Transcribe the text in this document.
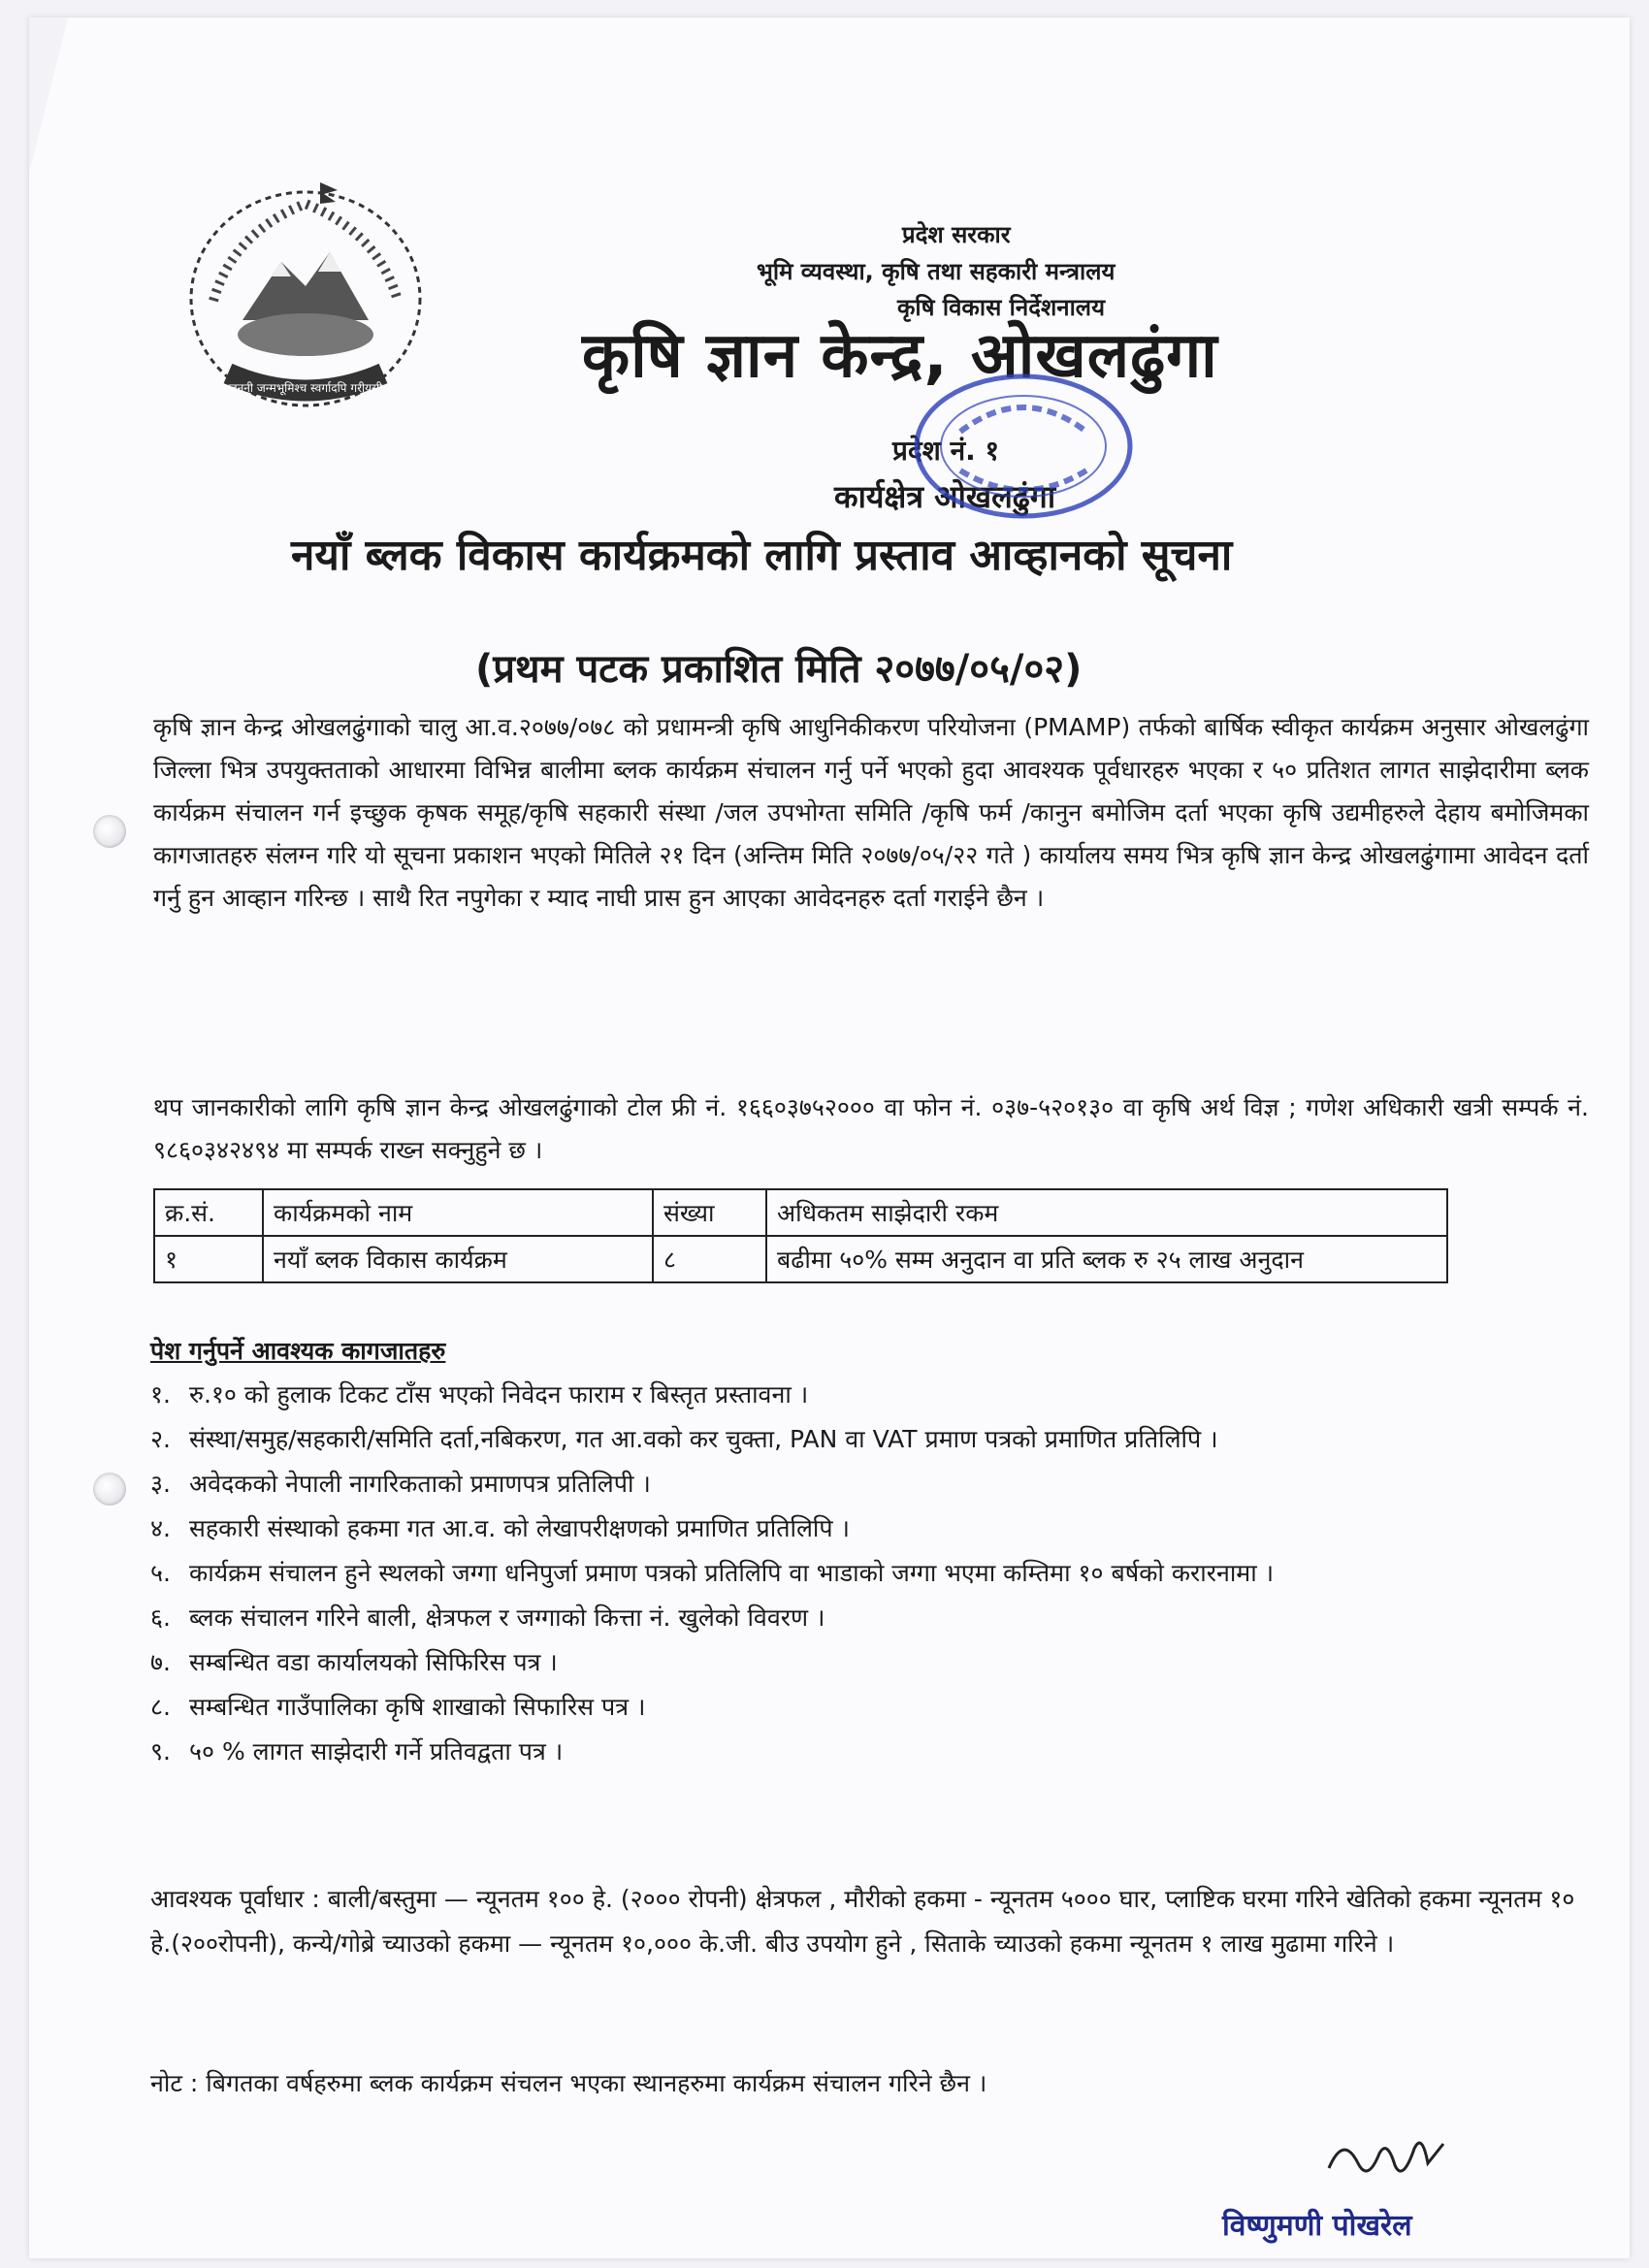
जननी जन्मभूमिश्च स्वर्गादपि गरीयसी
प्रदेश सरकार
भूमि व्यवस्था, कृषि तथा सहकारी मन्त्रालय
कृषि विकास निर्देशनालय
कृषि ज्ञान केन्द्र, ओखलढुंगा
प्रदेश नं. १
कार्यक्षेत्र ओखलढुंगा
नयाँ ब्लक विकास कार्यक्रमको लागि प्रस्ताव आव्हानको सूचना
(प्रथम पटक प्रकाशित मिति २०७७/०५/०२)
कृषि ज्ञान केन्द्र ओखलढुंगाको चालु आ.व.२०७७/०७८ को प्रधामन्त्री कृषि आधुनिकीकरण परियोजना (PMAMP) तर्फको बार्षिक स्वीकृत कार्यक्रम अनुसार ओखलढुंगा जिल्ला भित्र उपयुक्तताको आधारमा विभिन्न बालीमा ब्लक कार्यक्रम संचालन गर्नु पर्ने भएको हुदा आवश्यक पूर्वधारहरु भएका र ५० प्रतिशत लागत साझेदारीमा ब्लक कार्यक्रम संचालन गर्न इच्छुक कृषक समूह/कृषि सहकारी संस्था /जल उपभोग्ता समिति /कृषि फर्म /कानुन बमोजिम दर्ता भएका कृषि उद्यमीहरुले देहाय बमोजिमका कागजातहरु संलग्न गरि यो सूचना प्रकाशन भएको मितिले २१ दिन (अन्तिम मिति २०७७/०५/२२ गते ) कार्यालय समय भित्र कृषि ज्ञान केन्द्र ओखलढुंगामा आवेदन दर्ता गर्नु हुन आव्हान गरिन्छ । साथै रित नपुगेका र म्याद नाघी प्रास हुन आएका आवेदनहरु दर्ता गराईने छैन ।
थप जानकारीको लागि कृषि ज्ञान केन्द्र ओखलढुंगाको टोल फ्री नं. १६६०३७५२००० वा फोन नं. ०३७-५२०१३० वा कृषि अर्थ विज्ञ ; गणेश अधिकारी खत्री सम्पर्क नं. ९८६०३४२४९४ मा सम्पर्क राख्न सक्नुहुने छ ।
क्र.सं.	कार्यक्रमको नाम	संख्या	अधिकतम साझेदारी रकम
१	नयाँ ब्लक विकास कार्यक्रम	८	बढीमा ५०% सम्म अनुदान वा प्रति ब्लक रु २५ लाख अनुदान
पेश गर्नुपर्ने आवश्यक कागजातहरु
१. रु.१० को हुलाक टिकट टाँस भएको निवेदन फाराम र बिस्तृत प्रस्तावना ।
२. संस्था/समुह/सहकारी/समिति दर्ता,नबिकरण, गत आ.वको कर चुक्ता, PAN वा VAT प्रमाण पत्रको प्रमाणित प्रतिलिपि ।
३. अवेदकको नेपाली नागरिकताको प्रमाणपत्र प्रतिलिपी ।
४. सहकारी संस्थाको हकमा गत आ.व. को लेखापरीक्षणको प्रमाणित प्रतिलिपि ।
५. कार्यक्रम संचालन हुने स्थलको जग्गा धनिपुर्जा प्रमाण पत्रको प्रतिलिपि वा भाडाको जग्गा भएमा कम्तिमा १० बर्षको करारनामा ।
६. ब्लक संचालन गरिने बाली, क्षेत्रफल र जग्गाको कित्ता नं. खुलेको विवरण ।
७. सम्बन्धित वडा कार्यालयको सिफिरिस पत्र ।
८. सम्बन्धित गाउँपालिका कृषि शाखाको सिफारिस पत्र ।
९. ५० % लागत साझेदारी गर्ने प्रतिवद्वता पत्र ।
आवश्यक पूर्वाधार : बाली/बस्तुमा — न्यूनतम १०० हे. (२००० रोपनी) क्षेत्रफल , मौरीको हकमा - न्यूनतम ५००० घार, प्लाष्टिक घरमा गरिने खेतिको हकमा न्यूनतम १० हे.(२००रोपनी), कन्ये/गोब्रे च्याउको हकमा — न्यूनतम १०,००० के.जी. बीउ उपयोग हुने , सिताके च्याउको हकमा न्यूनतम १ लाख मुढामा गरिने ।
नोट : बिगतका वर्षहरुमा ब्लक कार्यक्रम संचलन भएका स्थानहरुमा कार्यक्रम संचालन गरिने छैन ।
विष्णुमणी पोखरेल
